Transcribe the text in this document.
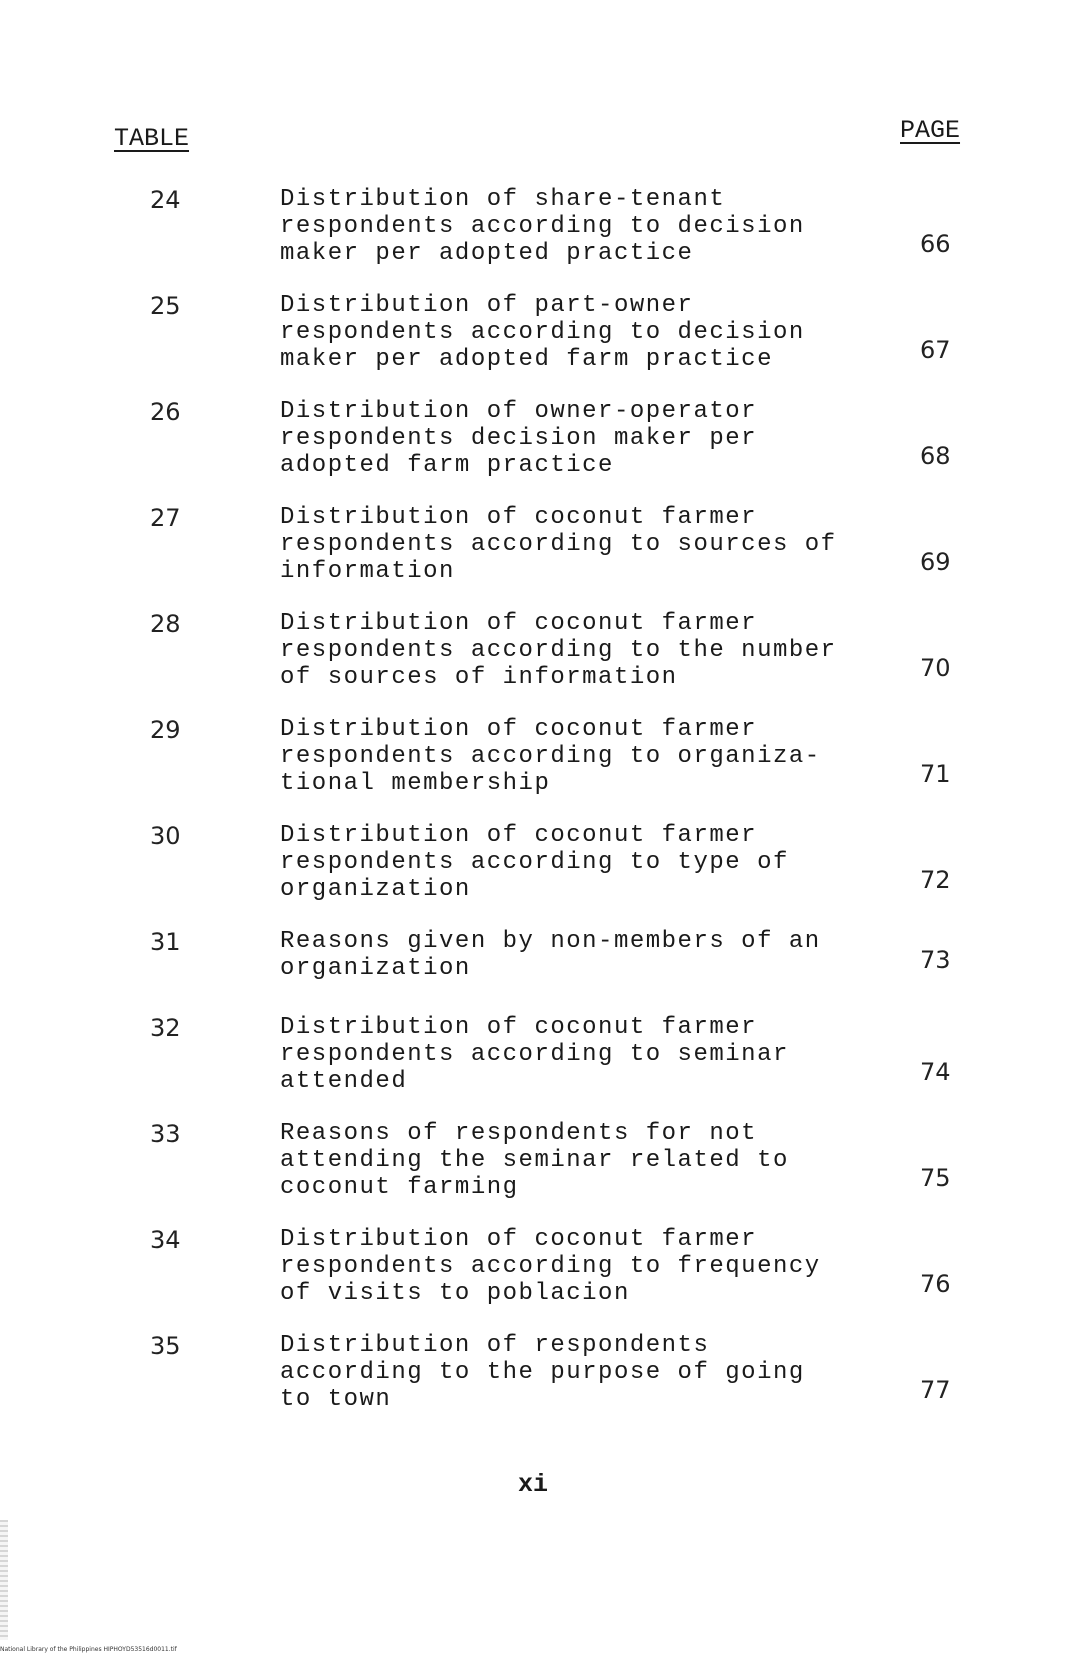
TABLE	PAGE
24	Distribution of share-tenant
respondents according to decision
maker per adopted practice	66
25	Distribution of part-owner
respondents according to decision
maker per adopted farm practice	67
26	Distribution of owner-operator
respondents decision maker per
adopted farm practice	68
27	Distribution of coconut farmer
respondents according to sources of
information	69
28	Distribution of coconut farmer
respondents according to the number
of sources of information	70
29	Distribution of coconut farmer
respondents according to organiza-
tional membership	71
30	Distribution of coconut farmer
respondents according to type of
organization	72
31	Reasons given by non-members of an
organization	73
32	Distribution of coconut farmer
respondents according to seminar
attended	74
33	Reasons of respondents for not
attending the seminar related to
coconut farming	75
34	Distribution of coconut farmer
respondents according to frequency
of visits to poblacion	76
35	Distribution of respondents
according to the purpose of going
to town	77
xi
National Library of the Philippines HIPHOYD53516d0011.tif
